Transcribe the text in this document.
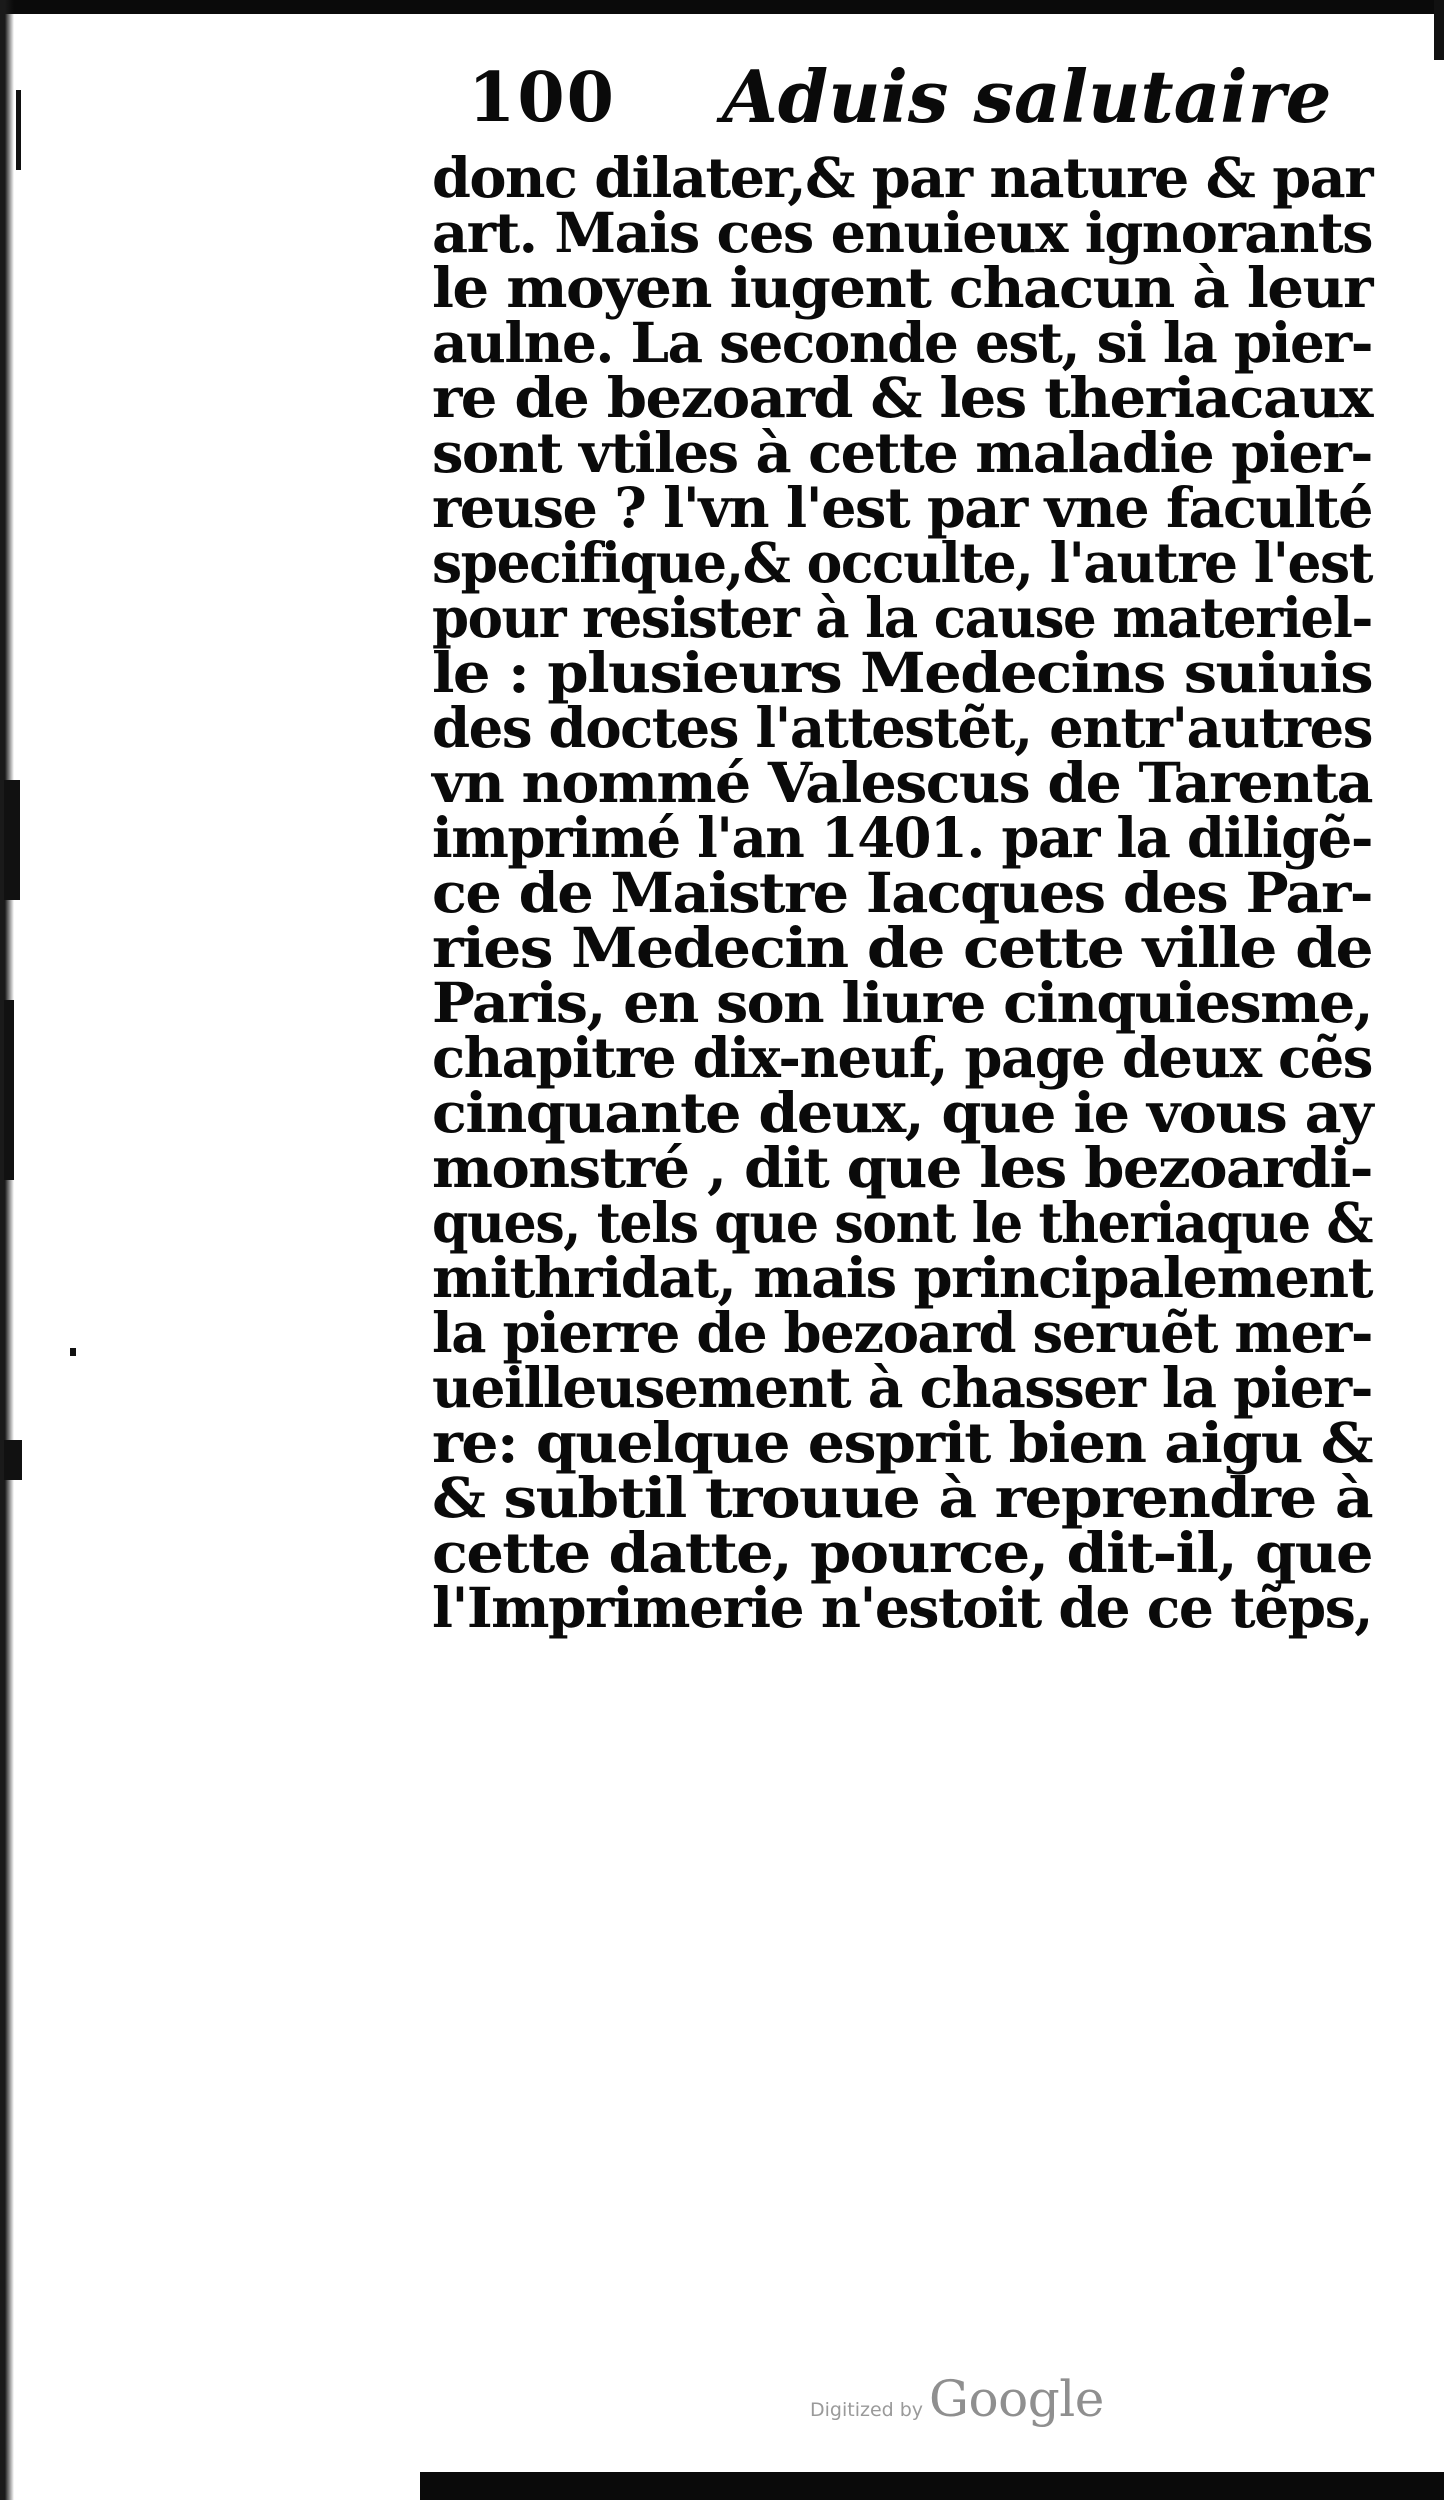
100 Aduis salutaire
donc dilater,& par nature & par
art. Mais ces enuieux ignorants
le moyen iugent chacun à leur
aulne. La seconde est, si la pier-
re de bezoard & les theriacaux
sont vtiles à cette maladie pier-
reuse ? l'vn l'est par vne faculté
specifique,& occulte, l'autre l'est
pour resister à la cause materiel-
le : plusieurs Medecins suiuis
des doctes l'attestẽt, entr'autres
vn nommé Valescus de Tarenta
imprimé l'an 1401. par la diligẽ-
ce de Maistre Iacques des Par-
ries Medecin de cette ville de
Paris, en son liure cinquiesme,
chapitre dix-neuf, page deux cẽs
cinquante deux, que ie vous ay
monstré , dit que les bezoardi-
ques, tels que sont le theriaque &
mithridat, mais principalement
la pierre de bezoard seruẽt mer-
ueilleusement à chasser la pier-
re: quelque esprit bien aigu &
& subtil trouue à reprendre à
cette datte, pource, dit-il, que
l'Imprimerie n'estoit de ce tẽps,
Digitized by Google
